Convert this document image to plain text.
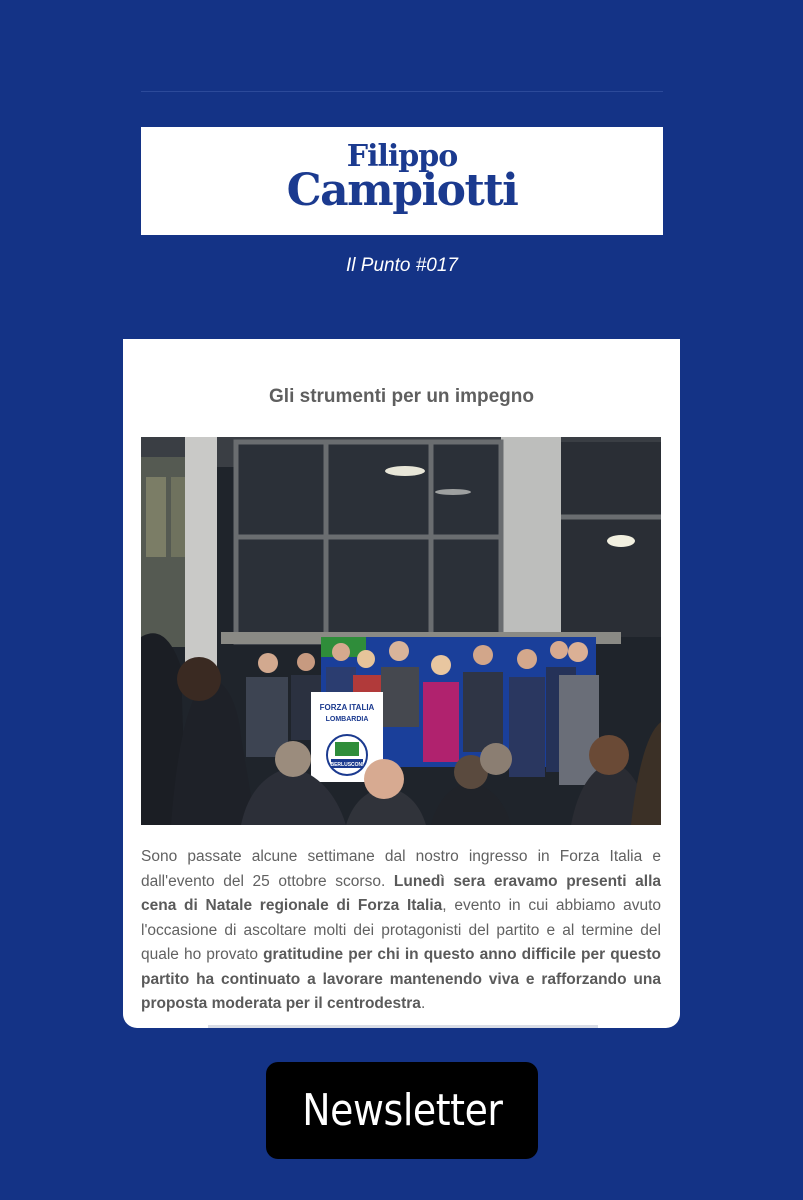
Filippo
Campiotti
Il Punto #017
Gli strumenti per un impegno
FORZA ITALIA
LOMBARDIA
BERLUSCONI
Sono passate alcune settimane dal nostro ingresso in Forza Italia e dall'evento del 25 ottobre scorso. Lunedì sera eravamo presenti alla cena di Natale regionale di Forza Italia, evento in cui abbiamo avuto l'occasione di ascoltare molti dei protagonisti del partito e al termine del quale ho provato gratitudine per chi in questo anno difficile per questo partito ha continuato a lavorare mantenendo viva e rafforzando una proposta moderata per il centrodestra.
Newsletter
